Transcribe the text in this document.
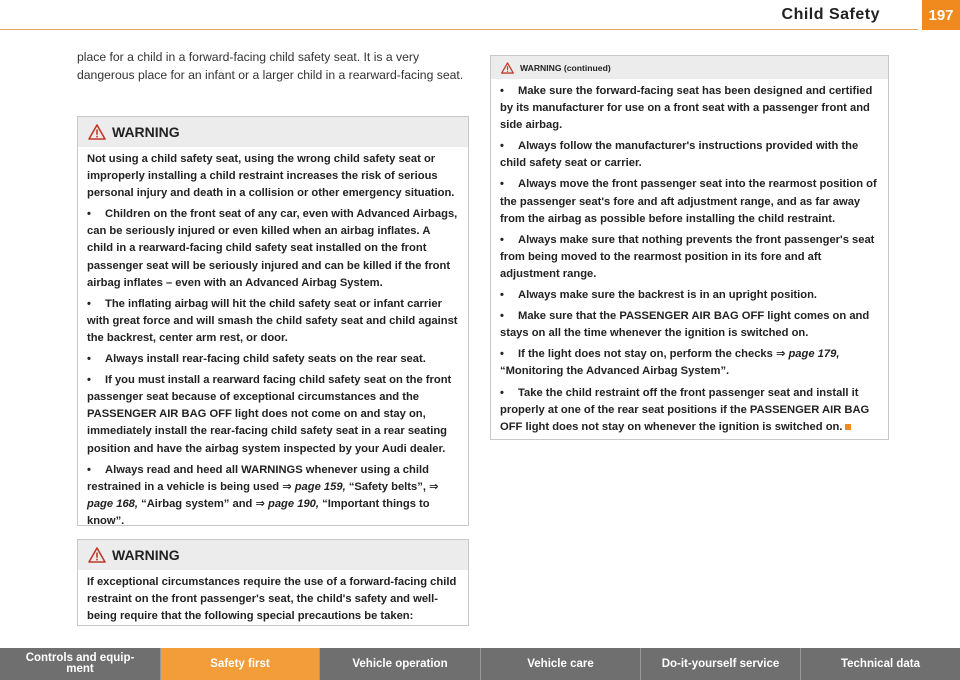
Child Safety	197
place for a child in a forward-facing child safety seat. It is a very dangerous place for an infant or a larger child in a rearward-facing seat.
WARNING

Not using a child safety seat, using the wrong child safety seat or improperly installing a child restraint increases the risk of serious personal injury and death in a collision or other emergency situation.

• Children on the front seat of any car, even with Advanced Airbags, can be seriously injured or even killed when an airbag inflates. A child in a rearward-facing child safety seat installed on the front passenger seat will be seriously injured and can be killed if the front airbag inflates – even with an Advanced Airbag System.

• The inflating airbag will hit the child safety seat or infant carrier with great force and will smash the child safety seat and child against the backrest, center arm rest, or door.

• Always install rear-facing child safety seats on the rear seat.

• If you must install a rearward facing child safety seat on the front passenger seat because of exceptional circumstances and the PASSENGER AIR BAG OFF light does not come on and stay on, immediately install the rear-facing child safety seat in a rear seating position and have the airbag system inspected by your Audi dealer.

• Always read and heed all WARNINGS whenever using a child restrained in a vehicle is being used ⇒ page 159, “Safety belts”, ⇒ page 168, “Airbag system” and ⇒ page 190, “Important things to know”.

WARNING

If exceptional circumstances require the use of a forward-facing child restraint on the front passenger's seat, the child's safety and well-being require that the following special precautions be taken:

WARNING (continued)

• Make sure the forward-facing seat has been designed and certified by its manufacturer for use on a front seat with a passenger front and side airbag.

• Always follow the manufacturer's instructions provided with the child safety seat or carrier.

• Always move the front passenger seat into the rearmost position of the passenger seat's fore and aft adjustment range, and as far away from the airbag as possible before installing the child restraint.

• Always make sure that nothing prevents the front passenger's seat from being moved to the rearmost position in its fore and aft adjustment range.

• Always make sure the backrest is in an upright position.

• Make sure that the PASSENGER AIR BAG OFF light comes on and stays on all the time whenever the ignition is switched on.

• If the light does not stay on, perform the checks ⇒ page 179, “Monitoring the Advanced Airbag System”.

• Take the child restraint off the front passenger seat and install it properly at one of the rear seat positions if the PASSENGER AIR BAG OFF light does not stay on whenever the ignition is switched on.

Controls and equip-
ment	Safety first	Vehicle operation	Vehicle care	Do-it-yourself service	Technical data
